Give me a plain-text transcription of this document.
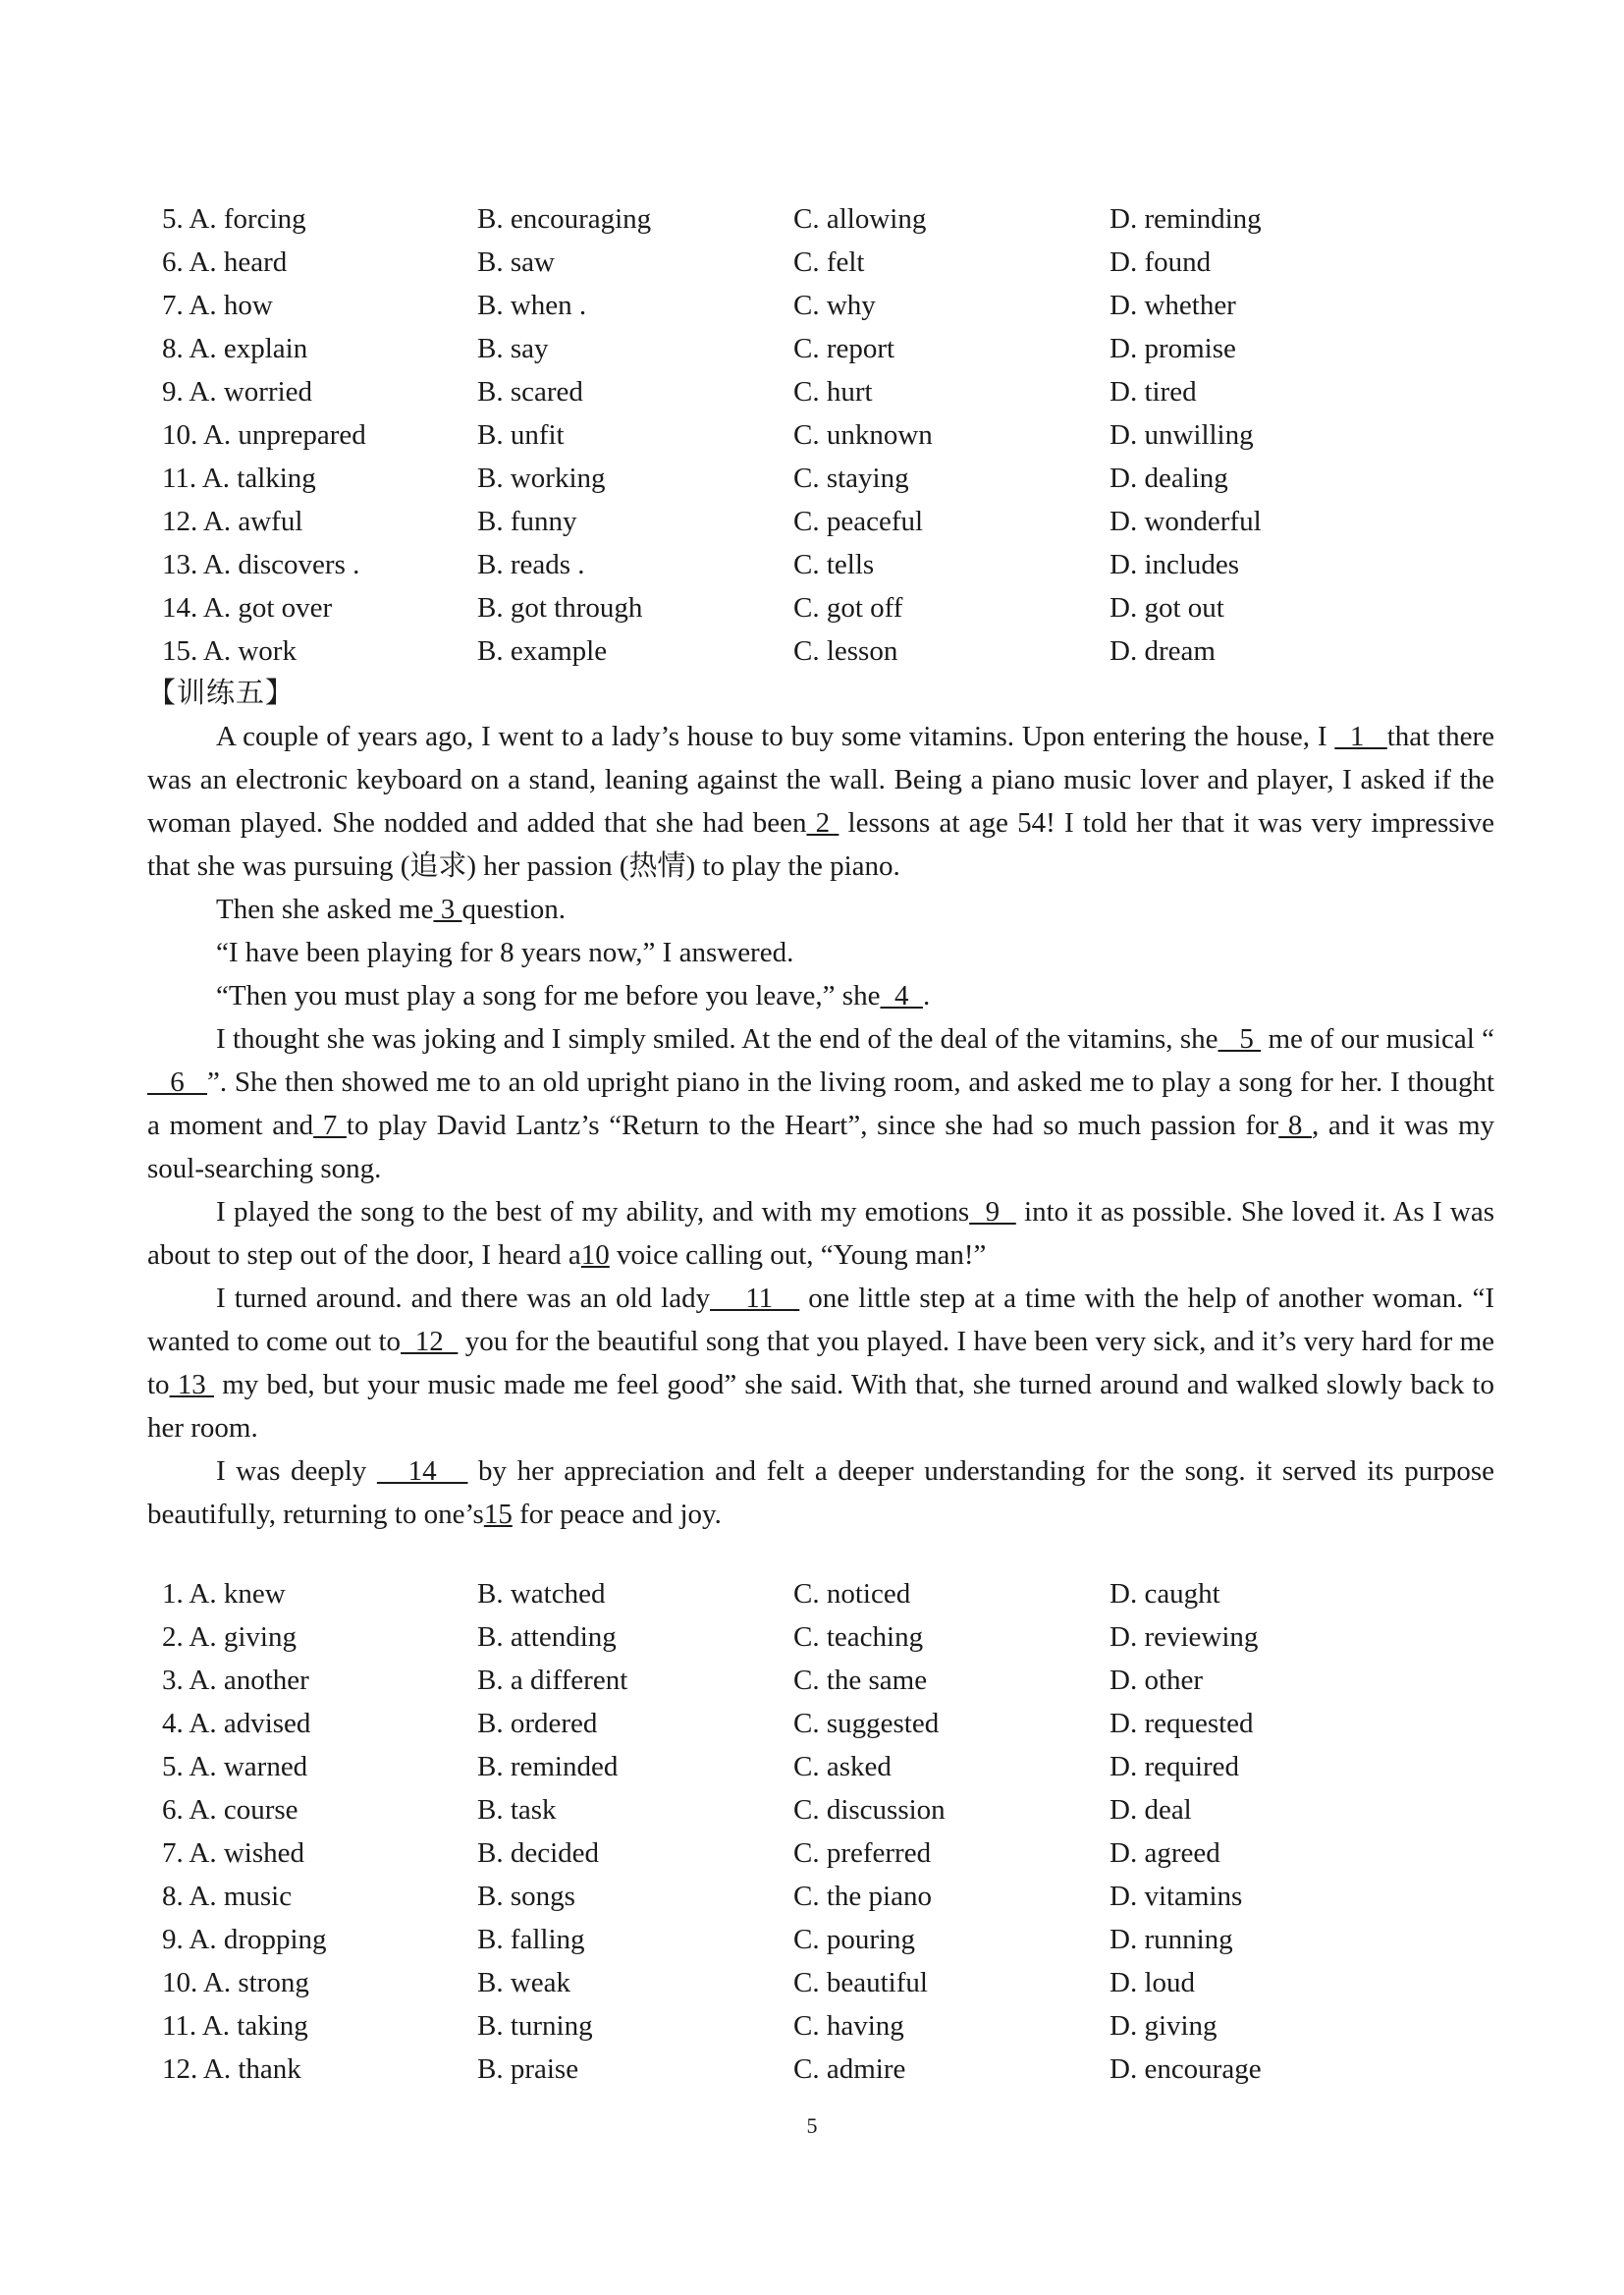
5. A. forcing	B. encouraging	C. allowing	D. reminding
6. A. heard	B. saw	C. felt	D. found
7. A. how	B. when .	C. why	D. whether
8. A. explain	B. say	C. report	D. promise
9. A. worried	B. scared	C. hurt	D. tired
10. A. unprepared	B. unfit	C. unknown	D. unwilling
11. A. talking	B. working	C. staying	D. dealing
12. A. awful	B. funny	C. peaceful	D. wonderful
13. A. discovers .	B. reads .	C. tells	D. includes
14. A. got over	B. got through	C. got off	D. got out
15. A. work	B. example	C. lesson	D. dream
【训练五】
A couple of years ago, I went to a lady’s house to buy some vitamins. Upon entering the house, I   1   that there was an electronic keyboard on a stand, leaning against the wall. Being a piano music lover and player, I asked if the woman played. She nodded and added that she had been 2  lessons at age 54! I told her that it was very impressive that she was pursuing (追求) her passion (热情) to play the piano.
Then she asked me 3 question.
“I have been playing for 8 years now,” I answered.
“Then you must play a song for me before you leave,” she  4  .
I thought she was joking and I simply smiled. At the end of the deal of the vitamins, she   5  me of our musical “   6   ”. She then showed me to an old upright piano in the living room, and asked me to play a song for her. I thought a moment and 7 to play David Lantz’s “Return to the Heart”, since she had so much passion for 8 , and it was my soul-searching song.
I played the song to the best of my ability, and with my emotions  9   into it as possible. She loved it. As I was about to step out of the door, I heard a10 voice calling out, “Young man!”
I turned around. and there was an old lady    11    one little step at a time with the help of another woman. “I wanted to come out to  12   you for the beautiful song that you played. I have been very sick, and it’s very hard for me to 13  my bed, but your music made me feel good” she said. With that, she turned around and walked slowly back to her room.
I was deeply    14    by her appreciation and felt a deeper understanding for the song. it served its purpose beautifully, returning to one’s15 for peace and joy.
1. A. knew	B. watched	C. noticed	D. caught
2. A. giving	B. attending	C. teaching	D. reviewing
3. A. another	B. a different	C. the same	D. other
4. A. advised	B. ordered	C. suggested	D. requested
5. A. warned	B. reminded	C. asked	D. required
6. A. course	B. task	C. discussion	D. deal
7. A. wished	B. decided	C. preferred	D. agreed
8. A. music	B. songs	C. the piano	D. vitamins
9. A. dropping	B. falling	C. pouring	D. running
10. A. strong	B. weak	C. beautiful	D. loud
11. A. taking	B. turning	C. having	D. giving
12. A. thank	B. praise	C. admire	D. encourage
5
